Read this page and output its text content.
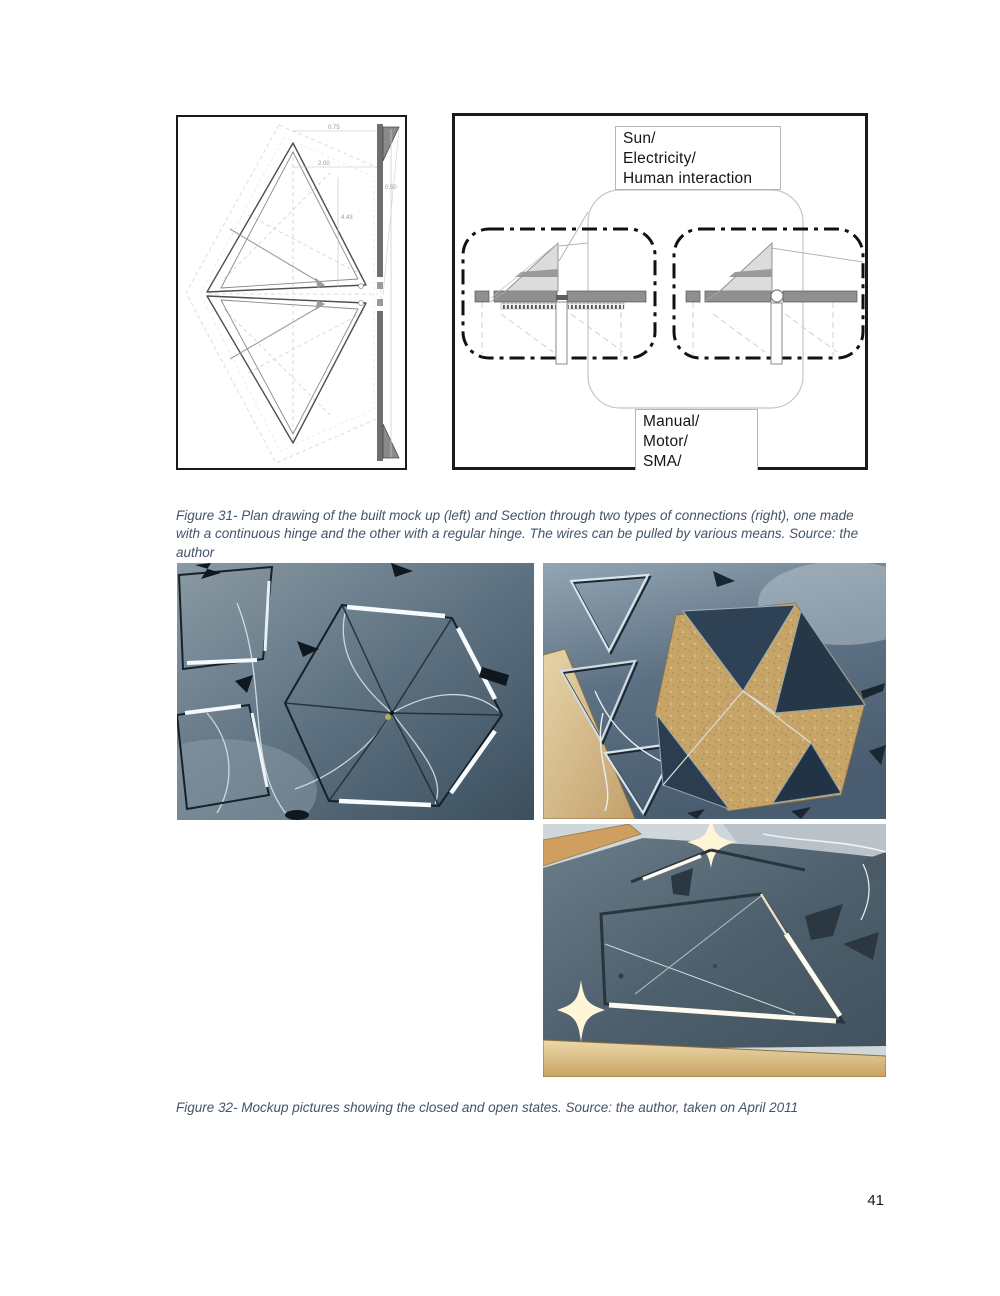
0.75
2.00
4.43
0.50
Sun/
Electricity/
Human interaction
Manual/
Motor/
SMA/

Figure 31- Plan drawing of the built mock up (left) and Section through two types of connections (right), one made with a continuous hinge and the other with a regular hinge. The wires can be pulled by various means. Source: the author

Figure 32- Mockup pictures showing the closed and open states. Source: the author, taken on April 2011

41
